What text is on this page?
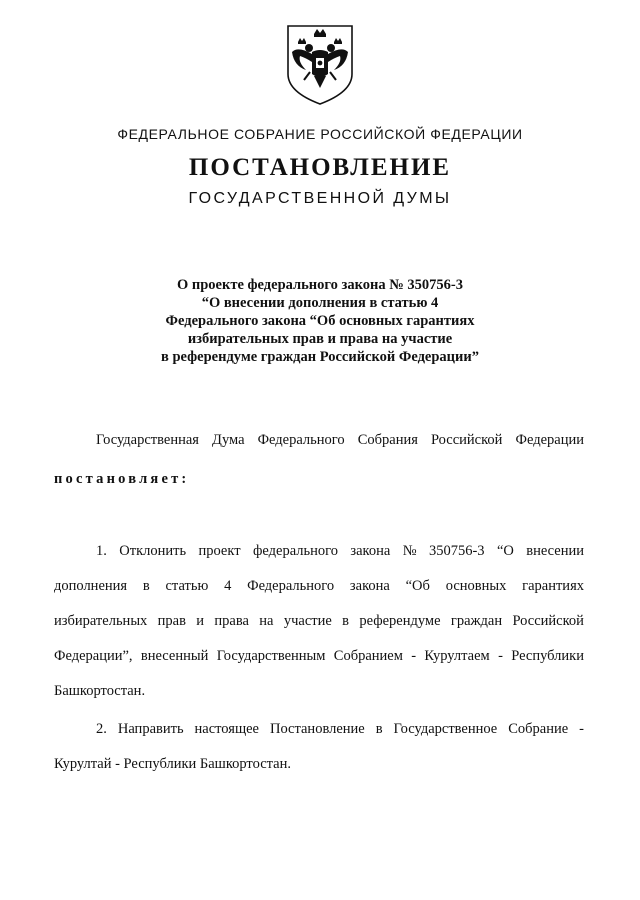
ФЕДЕРАЛЬНОЕ СОБРАНИЕ РОССИЙСКОЙ ФЕДЕРАЦИИ
ПОСТАНОВЛЕНИЕ
ГОСУДАРСТВЕННОЙ ДУМЫ
О проекте федерального закона № 350756-3
“О внесении дополнения в статью 4
Федерального закона “Об основных гарантиях
избирательных прав и права на участие
в референдуме граждан Российской Федерации”
Государственная Дума Федерального Собрания Российской Федерации
постановляет:
1. Отклонить проект федерального закона № 350756-3 “О внесении
дополнения в статью 4 Федерального закона “Об основных гарантиях
избирательных прав и права на участие в референдуме граждан Российской
Федерации”, внесенный Государственным Собранием - Курултаем - Республики
Башкортостан.
2. Направить настоящее Постановление в Государственное Собрание -
Курултай - Республики Башкортостан.
